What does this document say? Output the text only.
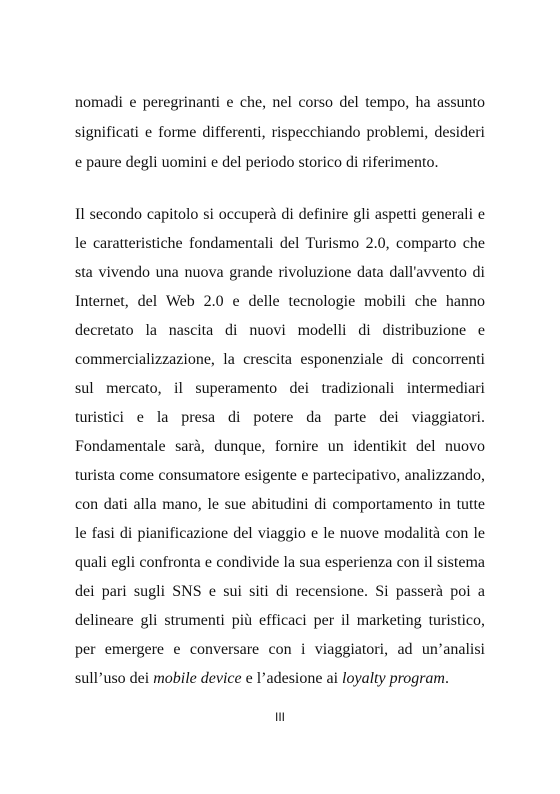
nomadi e peregrinanti e che, nel corso del tempo, ha assunto
significati e forme differenti, rispecchiando problemi, desideri
e paure degli uomini e del periodo storico di riferimento.
Il secondo capitolo si occuperà di definire gli aspetti generali e
le caratteristiche fondamentali del Turismo 2.0, comparto che
sta vivendo una nuova grande rivoluzione data dall'avvento di
Internet, del Web 2.0 e delle tecnologie mobili che hanno
decretato la nascita di nuovi modelli di distribuzione e
commercializzazione, la crescita esponenziale di concorrenti
sul mercato, il superamento dei tradizionali intermediari
turistici e la presa di potere da parte dei viaggiatori.
Fondamentale sarà, dunque, fornire un identikit del nuovo
turista come consumatore esigente e partecipativo, analizzando,
con dati alla mano, le sue abitudini di comportamento in tutte
le fasi di pianificazione del viaggio e le nuove modalità con le
quali egli confronta e condivide la sua esperienza con il sistema
dei pari sugli SNS e sui siti di recensione. Si passerà poi a
delineare gli strumenti più efficaci per il marketing turistico,
per emergere e conversare con i viaggiatori, ad un’analisi
sull’uso dei mobile device e l’adesione ai loyalty program.
III
